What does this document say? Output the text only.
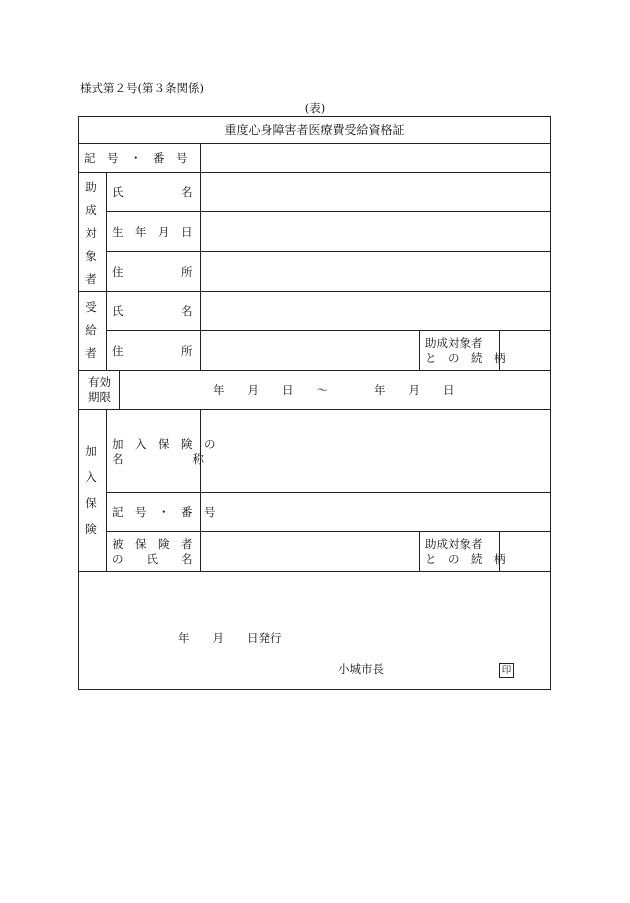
様式第２号(第３条関係)
(表)
重度心身障害者医療費受給資格証
記　号　・　番　号
助
成
対
象
者
氏　　　　　名
生　年　月　日
住　　　　　所
受
給
者
氏　　　　　名
住　　　　　所
助成対象者
と　の　続　柄
有効
期限	年　　月　　日　　～　　　　年　　月　　日
加
入
保
険
加　入　保　険　の
名　　　　　　称
記　号　・　番　号
被　保　険　者
の　　氏　　名
助成対象者
と　の　続　柄
年　　月　　日発行
小城市長	印
